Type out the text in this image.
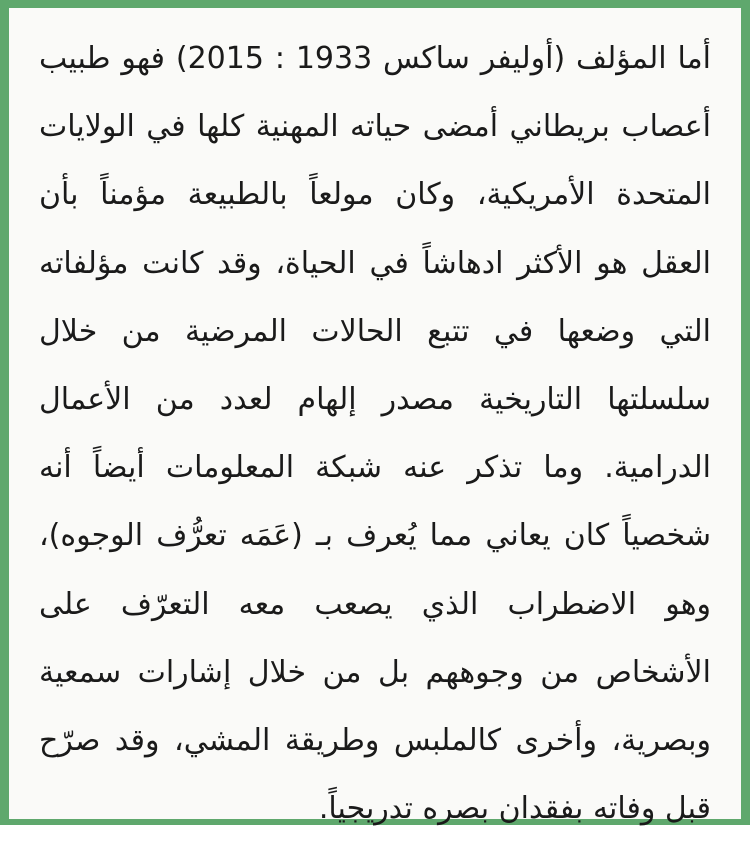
أما المؤلف (أوليفر ساكس 1933 : 2015) فهو طبيب
أعصاب بريطاني أمضى حياته المهنية كلها في الولايات
المتحدة الأمريكية، وكان مولعاً بالطبيعة مؤمناً بأن
العقل هو الأكثر ادهاشاً في الحياة، وقد كانت مؤلفاته
التي وضعها في تتبع الحالات المرضية من خلال
سلسلتها التاريخية مصدر إلهام لعدد من الأعمال
الدرامية. وما تذكر عنه شبكة المعلومات أيضاً أنه
شخصياً كان يعاني مما يُعرف بـ (عَمَه تعرُّف الوجوه)،
وهو الاضطراب الذي يصعب معه التعرّف على
الأشخاص من وجوههم بل من خلال إشارات سمعية
وبصرية، وأخرى كالملبس وطريقة المشي، وقد صرّح
قبل وفاته بفقدان بصره تدريجياً.
